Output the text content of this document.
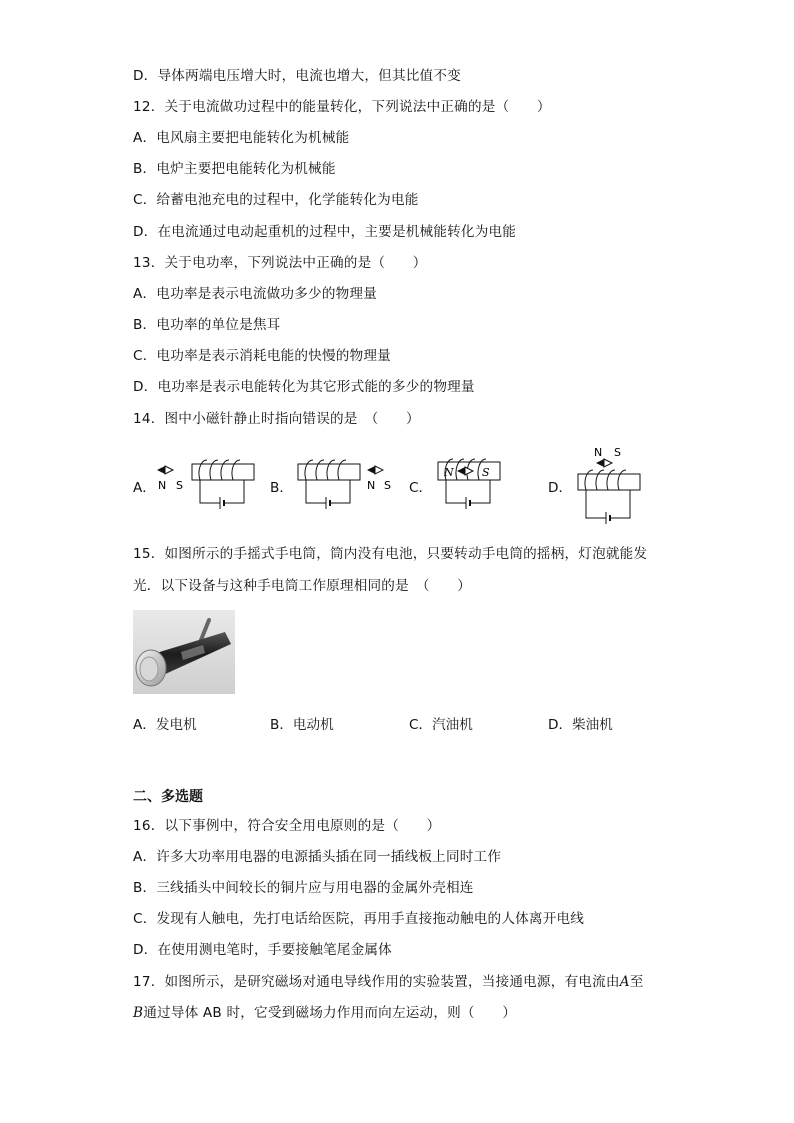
D．导体两端电压增大时，电流也增大，但其比值不变
12．关于电流做功过程中的能量转化，下列说法中正确的是（　　）
A．电风扇主要把电能转化为机械能
B．电炉主要把电能转化为机械能
C．给蓄电池充电的过程中，化学能转化为电能
D．在电流通过电动起重机的过程中，主要是机械能转化为电能
13．关于电功率，下列说法中正确的是（　　）
A．电功率是表示电流做功多少的物理量
B．电功率的单位是焦耳
C．电功率是表示消耗电能的快慢的物理量
D．电功率是表示电能转化为其它形式能的多少的物理量
14．图中小磁针静止时指向错误的是　（　　）
A． N S	B．	N S C．
N	S
D．
N S
15．如图所示的手摇式手电筒，筒内没有电池，只要转动手电筒的摇柄，灯泡就能发
光．以下设备与这种手电筒工作原理相同的是　（　　）
A．发电机	B．电动机	C．汽油机	D．柴油机
二、多选题
16．以下事例中，符合安全用电原则的是（　　）
A．许多大功率用电器的电源插头插在同一插线板上同时工作
B．三线插头中间较长的铜片应与用电器的金属外壳相连
C．发现有人触电，先打电话给医院，再用手直接拖动触电的人体离开电线
D．在使用测电笔时，手要接触笔尾金属体
17．如图所示，是研究磁场对通电导线作用的实验装置，当接通电源，有电流由A至
B通过导体 AB 时，它受到磁场力作用而向左运动，则（　　）
